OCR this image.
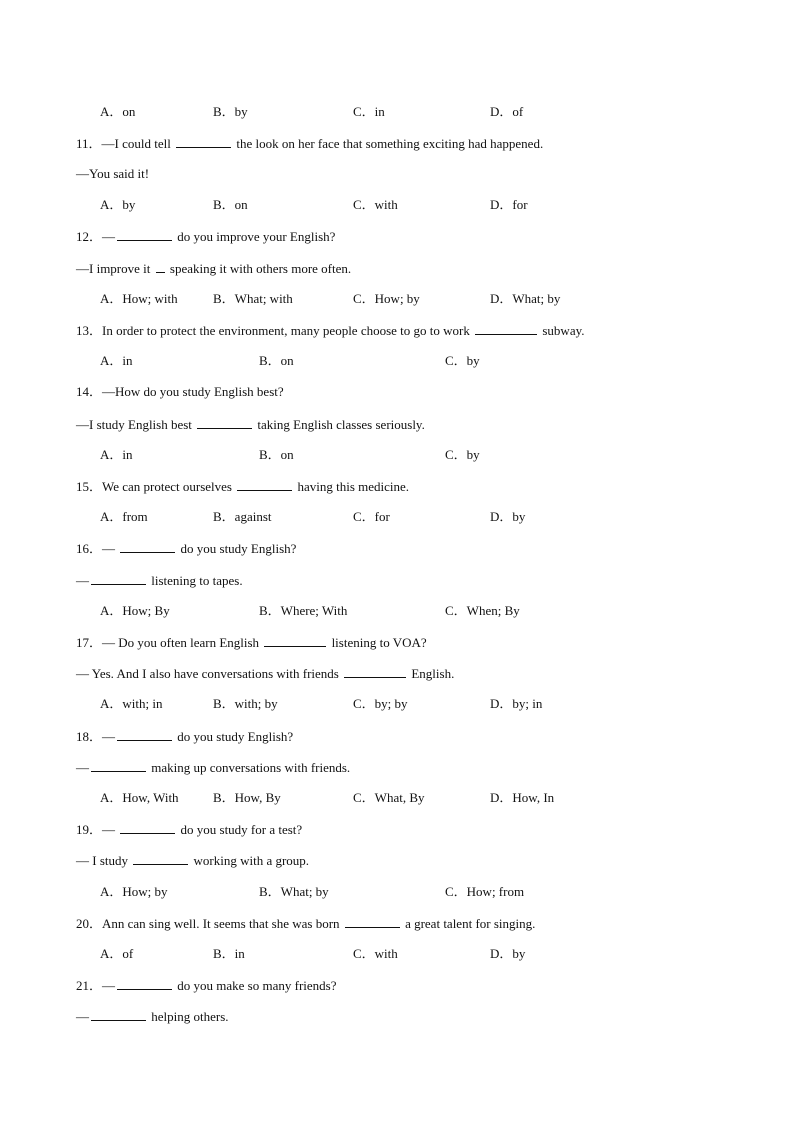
A．on	B．by	C．in	D．of
11．—I could tell	the look on her face that something exciting had happened.
—You said it!
A．by	B．on	C．with	D．for
12．—	do you improve your English?
—I improve it  speaking it with others more often.
A．How; with	B．What; with	C．How; by	D．What; by
13．In order to protect the environment, many people choose to go to work	subway.
A．in	B．on	C．by
14．—How do you study English best?
—I study English best	taking English classes seriously.
A．in	B．on	C．by
15．We can protect ourselves	having this medicine.
A．from	B．against	C．for	D．by
16．—	do you study English?
—	listening to tapes.
A．How; By	B．Where; With	C．When; By
17．— Do you often learn English	listening to VOA?
— Yes. And I also have conversations with friends	English.
A．with; in	B．with; by	C．by; by	D．by; in
18．—	do you study English?
—	making up conversations with friends.
A．How, With	B．How, By	C．What, By	D．How, In
19．—	do you study for a test?
— I study	working with a group.
A．How; by	B．What; by	C．How; from
20．Ann can sing well. It seems that she was born	a great talent for singing.
A．of	B．in	C．with	D．by
21．—	do you make so many friends?
—	helping others.
